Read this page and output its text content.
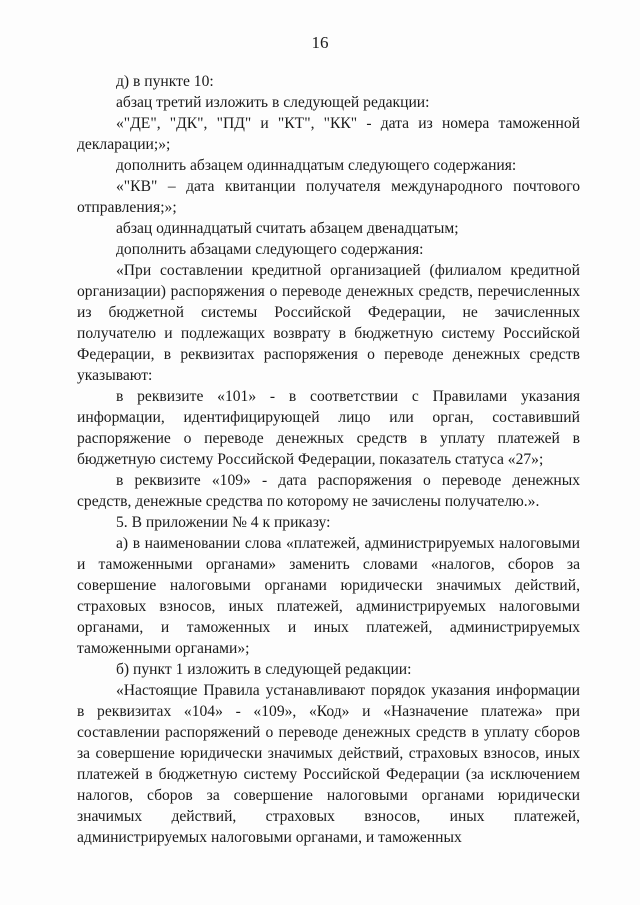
16

д) в пункте 10:

абзац третий изложить в следующей редакции:

«"ДЕ", "ДК", "ПД" и "КТ", "КК" - дата из номера таможенной декларации;»;

дополнить абзацем одиннадцатым следующего содержания:

«"КВ" – дата квитанции получателя международного почтового отправления;»;

абзац одиннадцатый считать абзацем двенадцатым;

дополнить абзацами следующего содержания:

«При составлении кредитной организацией (филиалом кредитной организации) распоряжения о переводе денежных средств, перечисленных из бюджетной системы Российской Федерации, не зачисленных получателю и подлежащих возврату в бюджетную систему Российской Федерации, в реквизитах распоряжения о переводе денежных средств указывают:

в реквизите «101» - в соответствии с Правилами указания информации, идентифицирующей лицо или орган, составивший распоряжение о переводе денежных средств в уплату платежей в бюджетную систему Российской Федерации, показатель статуса «27»;

в реквизите «109» - дата распоряжения о переводе денежных средств, денежные средства по которому не зачислены получателю.».

5. В приложении № 4 к приказу:

а) в наименовании слова «платежей, администрируемых налоговыми и таможенными органами» заменить словами «налогов, сборов за совершение налоговыми органами юридически значимых действий, страховых взносов, иных платежей, администрируемых налоговыми органами, и таможенных и иных платежей, администрируемых таможенными органами»;

б) пункт 1 изложить в следующей редакции:

«Настоящие Правила устанавливают порядок указания информации в реквизитах «104» - «109», «Код» и «Назначение платежа» при составлении распоряжений о переводе денежных средств в уплату сборов за совершение юридически значимых действий, страховых взносов, иных платежей в бюджетную систему Российской Федерации (за исключением налогов, сборов за совершение налоговыми органами юридически значимых действий, страховых взносов, иных платежей, администрируемых налоговыми органами, и таможенных
